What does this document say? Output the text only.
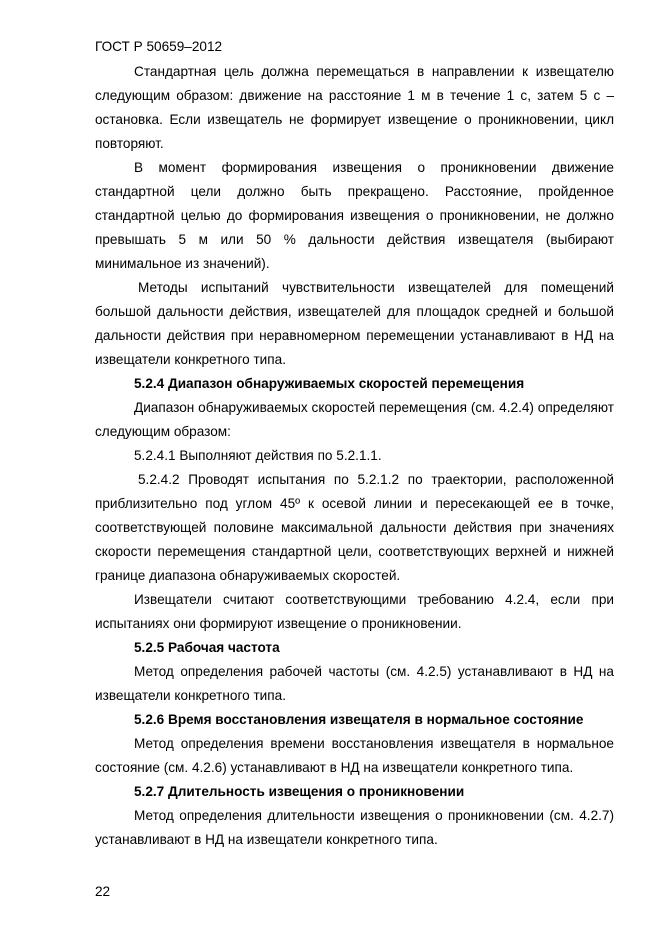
ГОСТ Р 50659–2012
Стандартная цель должна перемещаться в направлении к извещателю
следующим образом: движение на расстояние 1 м в течение 1 с, затем 5 с –
остановка. Если извещатель не формирует извещение о проникновении, цикл
повторяют.
В момент формирования извещения о проникновении движение
стандартной цели должно быть прекращено. Расстояние, пройденное
стандартной целью до формирования извещения о проникновении, не должно
превышать 5 м или 50 % дальности действия извещателя (выбирают
минимальное из значений).
Методы испытаний чувствительности извещателей для помещений
большой дальности действия, извещателей для площадок средней и большой
дальности действия при неравномерном перемещении устанавливают в НД на
извещатели конкретного типа.
5.2.4 Диапазон обнаруживаемых скоростей перемещения
Диапазон обнаруживаемых скоростей перемещения (см. 4.2.4) определяют
следующим образом:
5.2.4.1 Выполняют действия по 5.2.1.1.
5.2.4.2 Проводят испытания по 5.2.1.2 по траектории, расположенной
приблизительно под углом 45º к осевой линии и пересекающей ее в точке,
соответствующей половине максимальной дальности действия при значениях
скорости перемещения стандартной цели, соответствующих верхней и нижней
границе диапазона обнаруживаемых скоростей.
Извещатели считают соответствующими требованию 4.2.4, если при
испытаниях они формируют извещение о проникновении.
5.2.5 Рабочая частота
Метод определения рабочей частоты (см. 4.2.5) устанавливают в НД на
извещатели конкретного типа.
5.2.6 Время восстановления извещателя в нормальное состояние
Метод определения времени восстановления извещателя в нормальное
состояние (см. 4.2.6) устанавливают в НД на извещатели конкретного типа.
5.2.7 Длительность извещения о проникновении
Метод определения длительности извещения о проникновении (см. 4.2.7)
устанавливают в НД на извещатели конкретного типа.
22
